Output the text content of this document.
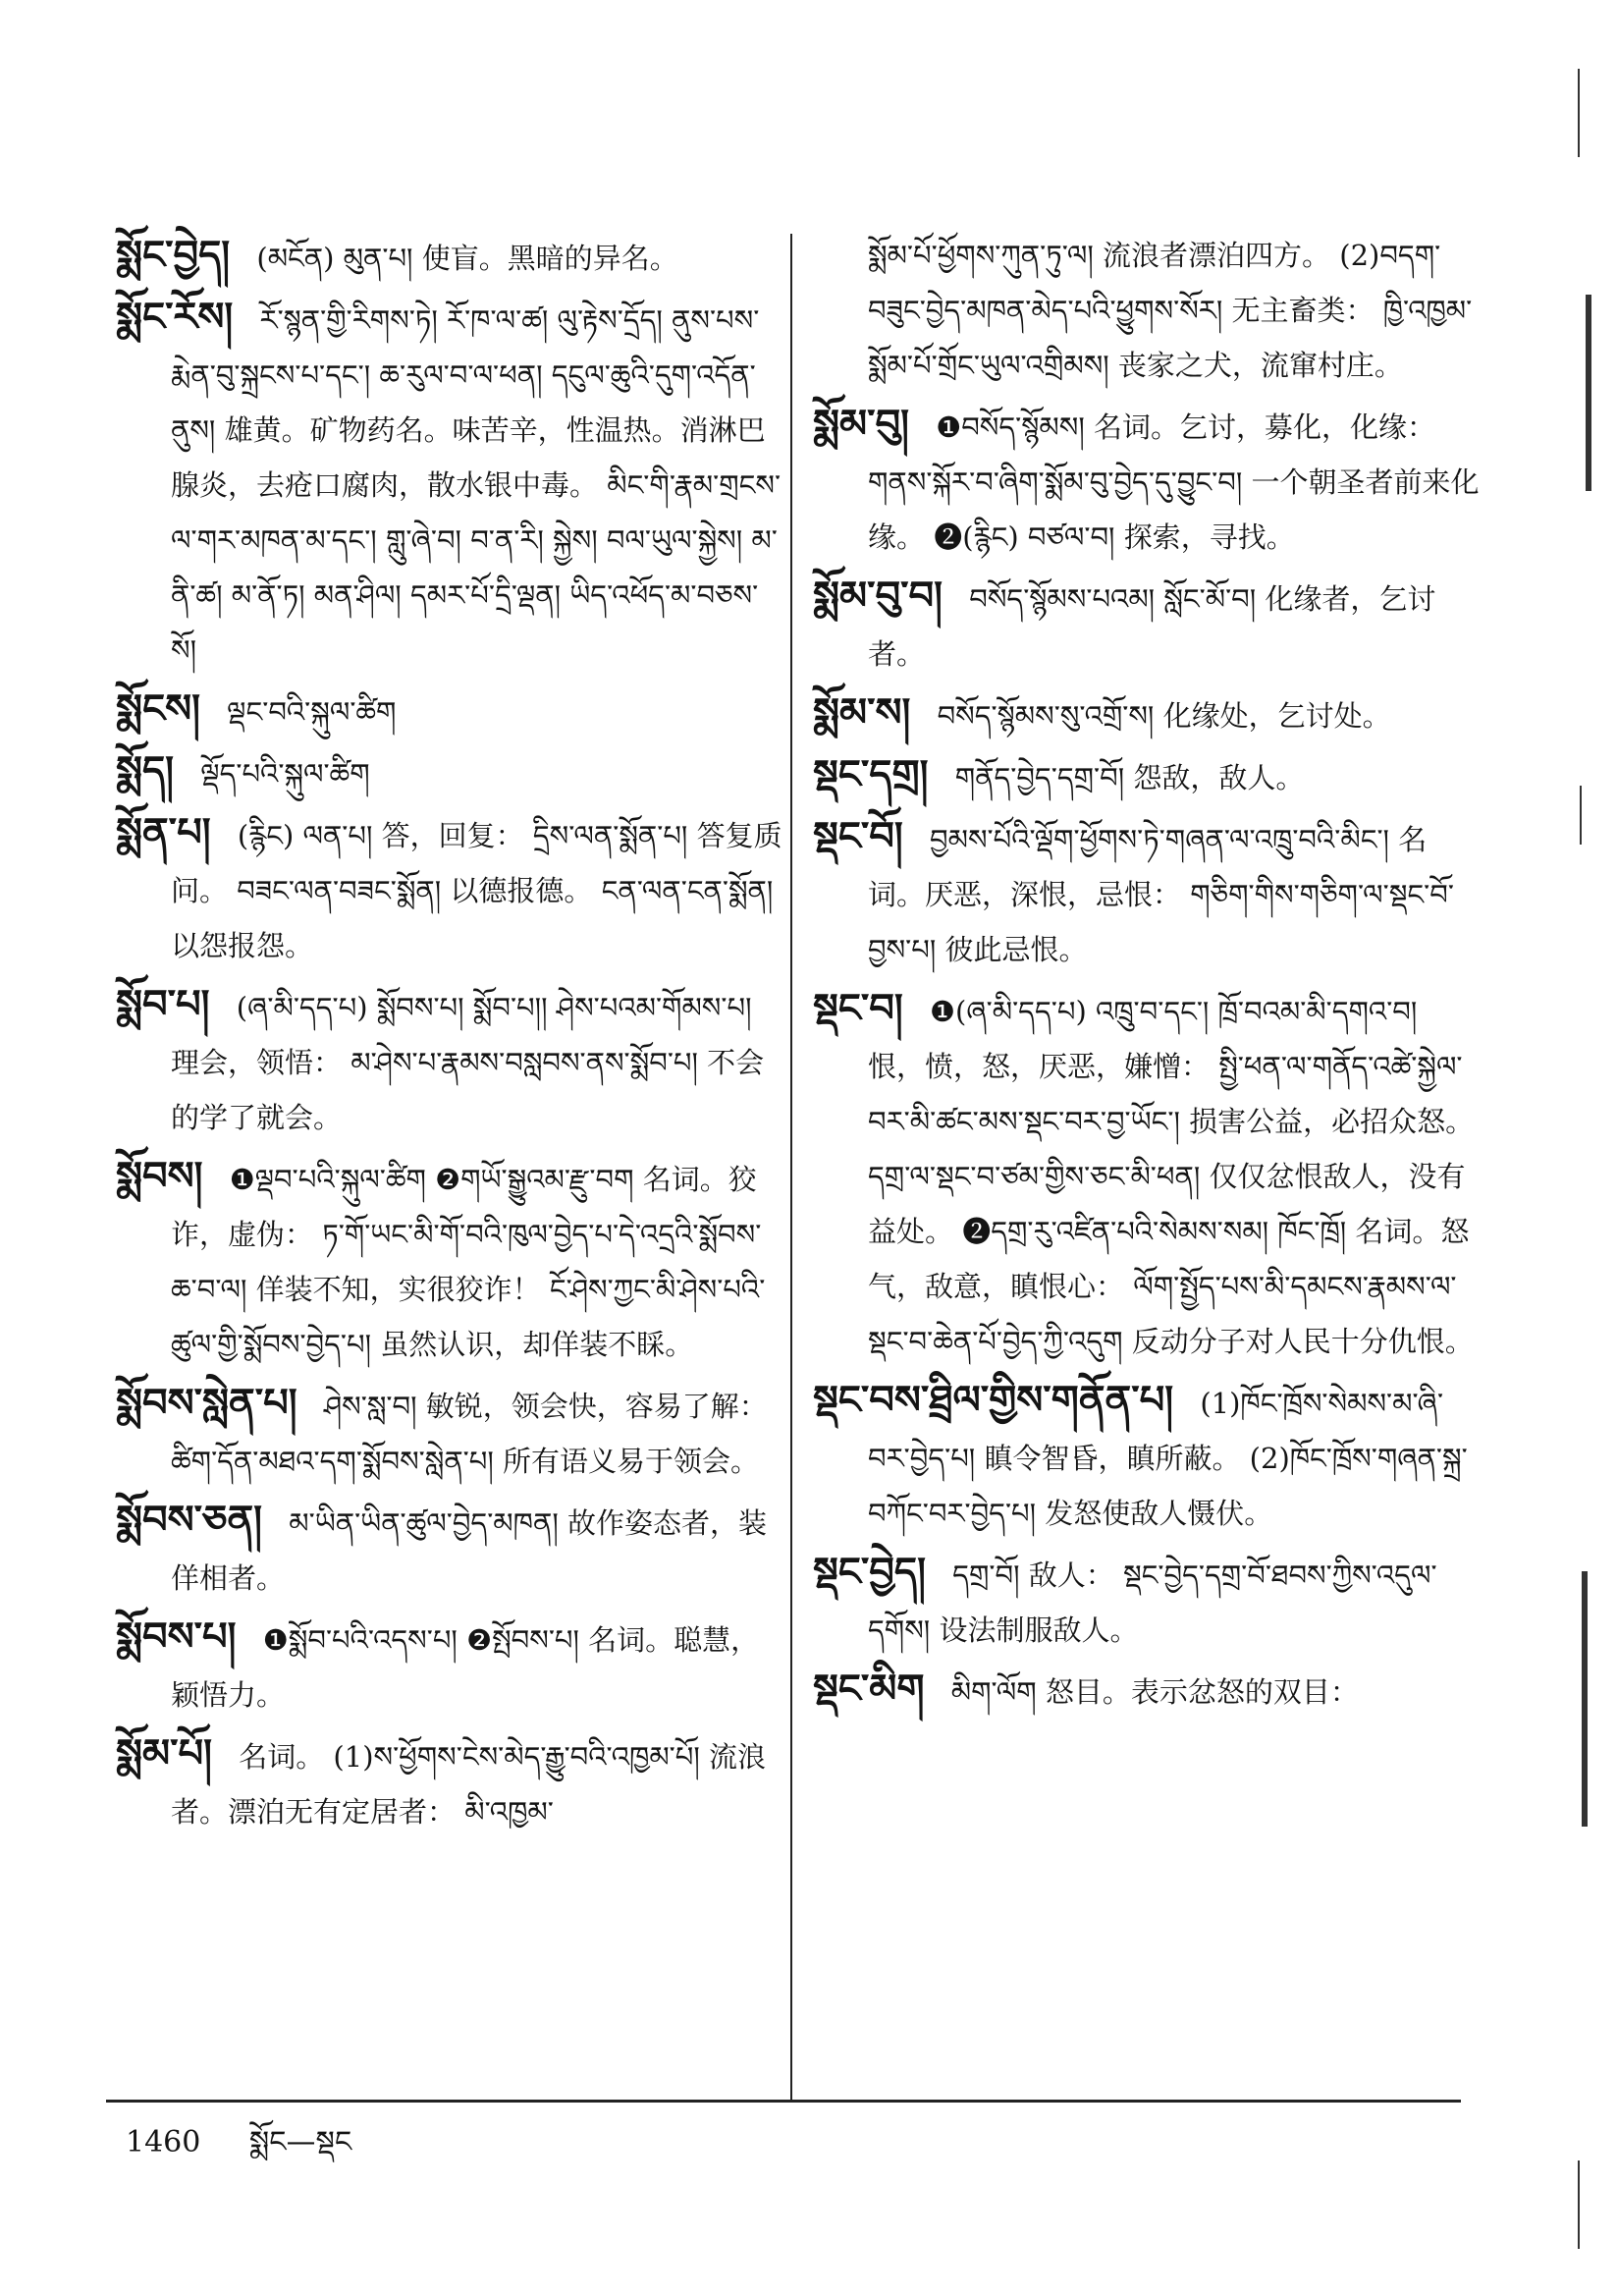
སྨོང་བྱེད། (མངོན) མུན་པ། 使盲。黑暗的异名。
སྨོང་རོས། རོ་སྙན་གྱི་རིགས་ཏེ། རོ་ཁ་ལ་ཚ། ལུ་རྟེས་དྲོད། ནུས་པས་རྨེན་བུ་སྐྲངས་པ་དང་། ཆ་རུལ་བ་ལ་ཕན། དངུལ་ཆུའི་དུག་འདོན་ནུས། 雄黄。矿物药名。味苦辛，性温热。消淋巴腺炎，去疮口腐肉，散水银中毒。 མིང་གི་རྣམ་གྲངས་ལ་གར་མཁན་མ་དང་། གླུ་ཞེ་བ། བ་ན་རི། སྐྱེས། བལ་ཡུལ་སྐྱེས། མ་ནི་ཚ། མ་ནོ་ཏ། མན་ཤིལ། དམར་པོ་དྲི་ལྡན། ཡིད་འཕོད་མ་བཅས་སོ།
སྨོངས། ལྡང་བའི་སྐུལ་ཚིག
སྨོད། ལྡོད་པའི་སྐུལ་ཚིག
སྨོན་པ། (རྙིང) ལན་པ། 答，回复： དྲིས་ལན་སྨོན་པ། 答复质问。 བཟང་ལན་བཟང་སྨོན། 以德报德。 ངན་ལན་ངན་སྨོན། 以怨报怨。
སྨོབ་པ། (ཞ་མི་དད་པ) སྨོབས་པ། སྨོབ་པ།། ཤེས་པའམ་གོམས་པ། 理会，领悟： མ་ཤེས་པ་རྣམས་བསླབས་ནས་སྨོབ་པ། 不会的学了就会。
སྨོབས། ❶ལྡབ་པའི་སྐུལ་ཚིག ❷གཡོ་སྒྱུའམ་རྫུ་བག 名词。狡诈，虚伪： ཏ་གོ་ཡང་མི་གོ་བའི་ཁུལ་བྱེད་པ་དེ་འདྲའི་སྨོབས་ཆ་བ་ལ། 佯装不知，实很狡诈！ ངོ་ཤེས་ཀྱང་མི་ཤེས་པའི་ཚུལ་གྱི་སྨོབས་བྱེད་པ། 虽然认识，却佯装不睬。
སྨོབས་སླེན་པ། ཤེས་སླ་བ། 敏锐，领会快，容易了解： ཚིག་དོན་མཐའ་དག་སྨོབས་སླེན་པ། 所有语义易于领会。
སྨོབས་ཅན། མ་ཡིན་ཡིན་ཚུལ་བྱེད་མཁན། 故作姿态者，装佯相者。
སྨོབས་པ། ❶སྨོབ་པའི་འདས་པ། ❷སྤོབས་པ། 名词。聪慧，颖悟力。
སྨོམ་པོ། 名词。 (1)ས་ཕྱོགས་ངེས་མེད་རྒྱུ་བའི་འཁྱམ་པོ། 流浪者。漂泊无有定居者： མི་འཁྱམ་
སྨོམ་པོ་ཕྱོགས་ཀུན་ཏུ་ལ། 流浪者漂泊四方。 (2)བདག་བཟུང་བྱེད་མཁན་མེད་པའི་ཕྱུགས་སོར། 无主畜类： ཁྱི་འཁྱམ་སྨོམ་པོ་གྲོང་ཡུལ་འགྲིམས། 丧家之犬，流窜村庄。
སྨོམ་བུ། ❶བསོད་སྙོམས། 名词。乞讨，募化，化缘： གནས་སྐོར་བ་ཞིག་སྨོམ་བུ་བྱེད་དུ་བྱུང་བ། 一个朝圣者前来化缘。 ❷(རྙིང) བཙལ་བ། 探索，寻找。
སྨོམ་བུ་བ། བསོད་སྙོམས་པའམ། སློང་མོ་བ། 化缘者，乞讨者。
སྨོམ་ས། བསོད་སྙོམས་སུ་འགྲོ་ས། 化缘处，乞讨处。
སྡང་དགྲ། གནོད་བྱེད་དགྲ་བོ། 怨敌，敌人。
སྡང་བོ། བྱམས་པོའི་ལྡོག་ཕྱོགས་ཏེ་གཞན་ལ་འཁྲུ་བའི་མིང་། 名词。厌恶，深恨，忌恨： གཅིག་གིས་གཅིག་ལ་སྡང་བོ་བྱས་པ། 彼此忌恨。
སྡང་བ། ❶(ཞ་མི་དད་པ) འཁྲུ་བ་དང་། ཁྲོ་བའམ་མི་དགའ་བ། 恨，愤，怒，厌恶，嫌憎： སྤྱི་ཕན་ལ་གནོད་འཚེ་སྐྱེལ་བར་མི་ཚང་མས་སྡང་བར་བྱ་ཡོང་། 损害公益，必招众怒。 དགྲ་ལ་སྡང་བ་ཙམ་གྱིས་ཅང་མི་ཕན། 仅仅忿恨敌人，没有益处。 ❷དགྲ་རུ་འཛིན་པའི་སེམས་སམ། ཁོང་ཁྲོ། 名词。怒气，敌意，瞋恨心： ལོག་སྤྱོད་པས་མི་དམངས་རྣམས་ལ་སྡང་བ་ཆེན་པོ་བྱེད་ཀྱི་འདུག 反动分子对人民十分仇恨。
སྡང་བས་ཐྲིལ་གྱིས་གནོན་པ། (1)ཁོང་ཁྲོས་སེམས་མ་ཞི་བར་བྱེད་པ། 瞋令智昏，瞋所蔽。 (2)ཁོང་ཁྲོས་གཞན་སྐྲ་བཀོང་བར་བྱེད་པ། 发怒使敌人慑伏。
སྡང་བྱེད། དགྲ་བོ། 敌人： སྡང་བྱེད་དགྲ་བོ་ཐབས་ཀྱིས་འདུལ་དགོས། 设法制服敌人。
སྡང་མིག མིག་ལོག 怒目。表示忿怒的双目：
1460 སྨོང—སྡང
